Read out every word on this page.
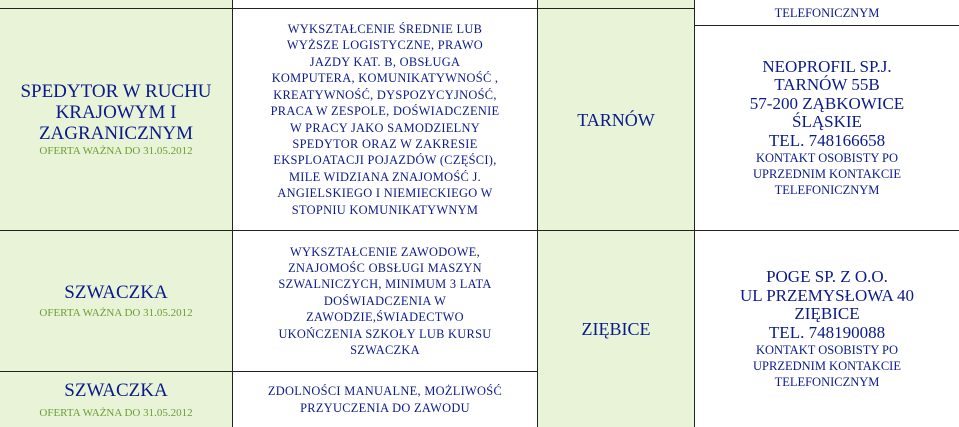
TELEFONICZNYM
SPEDYTOR W RUCHU
KRAJOWYM I
ZAGRANICZNYM
OFERTA WAŻNA DO 31.05.2012
WYKSZTAŁCENIE ŚREDNIE LUB
WYŻSZE LOGISTYCZNE, PRAWO
JAZDY KAT. B, OBSŁUGA
KOMPUTERA, KOMUNIKATYWNOŚĆ ,
KREATYWNOŚĆ, DYSPOZYCYJNOŚĆ,
PRACA W ZESPOLE, DOŚWIADCZENIE
W PRACY JAKO SAMODZIELNY
SPEDYTOR ORAZ W ZAKRESIE
EKSPLOATACJI POJAZDÓW (CZĘŚCI),
MILE WIDZIANA ZNAJOMOŚĆ J.
ANGIELSKIEGO I NIEMIECKIEGO W
STOPNIU KOMUNIKATYWNYM
TARNÓW
NEOPROFIL SP.J.
TARNÓW 55B
57-200 ZĄBKOWICE
ŚLĄSKIE
TEL. 748166658
KONTAKT OSOBISTY PO
UPRZEDNIM KONTAKCIE
TELEFONICZNYM
SZWACZKA
OFERTA WAŻNA DO 31.05.2012
WYKSZTAŁCENIE ZAWODOWE,
ZNAJOMOŚC OBSŁUGI MASZYN
SZWALNICZYCH, MINIMUM 3 LATA
DOŚWIADCZENIA W
ZAWODZIE,ŚWIADECTWO
UKOŃCZENIA SZKOŁY LUB KURSU
SZWACZKA
ZIĘBICE
POGE SP. Z O.O.
UL PRZEMYSŁOWA 40
ZIĘBICE
TEL. 748190088
KONTAKT OSOBISTY PO
UPRZEDNIM KONTAKCIE
TELEFONICZNYM
SZWACZKA
OFERTA WAŻNA DO 31.05.2012
ZDOLNOŚCI MANUALNE, MOŻLIWOŚĆ
PRZYUCZENIA DO ZAWODU
